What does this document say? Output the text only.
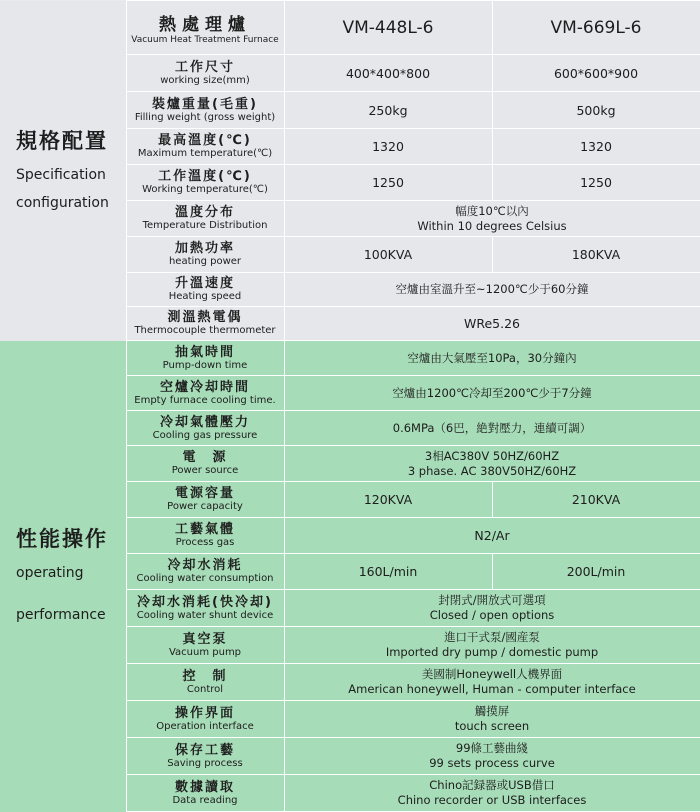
規格配置
Specification
configuration	熱處理爐
Vacuum Heat Treatment Furnace	VM-448L-6	VM-669L-6

	工作尺寸
working size(mm)	400*400*800	600*600*900

	裝爐重量(毛重)
Filling weight (gross weight)	250kg	500kg

	最高溫度(℃)
Maximum temperature(℃)	1320	1320

	工作溫度(℃)
Working temperature(℃)	1250	1250

	溫度分布
Temperature Distribution	幅度10℃以內
Within 10 degrees Celsius	

	加熱功率
heating power	100KVA	180KVA

	升溫速度
Heating speed	空爐由室溫升至~1200℃少于60分鐘	

	測溫熱電偶
Thermocouple thermometer	WRe5.26	

性能操作
operating
performance	抽氣時間
Pump-down time	空爐由大氣壓至10Pa，30分鐘內	

	空爐冷却時間
Empty furnace cooling time.	空爐由1200℃冷却至200℃少于7分鐘	

	冷却氣體壓力
Cooling gas pressure	0.6MPa（6巴，絶對壓力，連續可調）	

	電　源
Power source	3相AC380V 50HZ/60HZ
3 phase. AC 380V50HZ/60HZ	

	電源容量
Power capacity	120KVA	210KVA

	工藝氣體
Process gas	N2/Ar	

	冷却水消耗
Cooling water consumption	160L/min	200L/min

	冷却水消耗(快冷却)
Cooling water shunt device	封閉式/開放式可選項
Closed / open options	

	真空泵
Vacuum pump	進口干式泵/國産泵
Imported dry pump / domestic pump	

	控　制
Control	美國制Honeywell人機界面
American honeywell, Human - computer interface	

	操作界面
Operation interface	觸摸屏
touch screen	

	保存工藝
Saving process	99條工藝曲綫
99 sets process curve	

	數據讀取
Data reading	Chino記録器或USB借口
Chino recorder or USB interfaces	
